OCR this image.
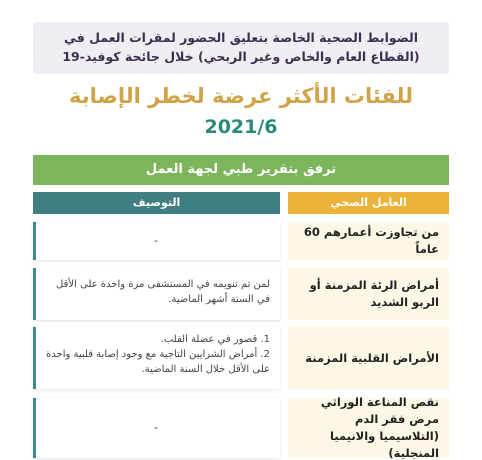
الضوابط الصحية الخاصة بتعليق الحضور لمقرات العمل في
(القطاع العام والخاص وغير الربحي) خلال جائحة كوفيد-19
للفئات الأكثر عرضة لخطر الإصابة
2021/6
ترفق بتقرير طبي لجهة العمل
العامل الصحي
التوصيف
من تجاوزت أعمارهم 60 عاماً
-
أمراض الرئة المزمنة أو الربو الشديد
لمن تم تنويمه في المستشفى مرة واحدة على الأقل في الستة أشهر الماضية.
الأمراض القلبية المزمنة
1. قصور في عضلة القلب.
2. أمراض الشرايين التاجية مع وجود إصابة قلبية واحدة على الأقل خلال السنة الماضية.
نقص المناعة الوراثي مرض فقر الدم (التلاسيميا والانيميا المنجلية)
-
